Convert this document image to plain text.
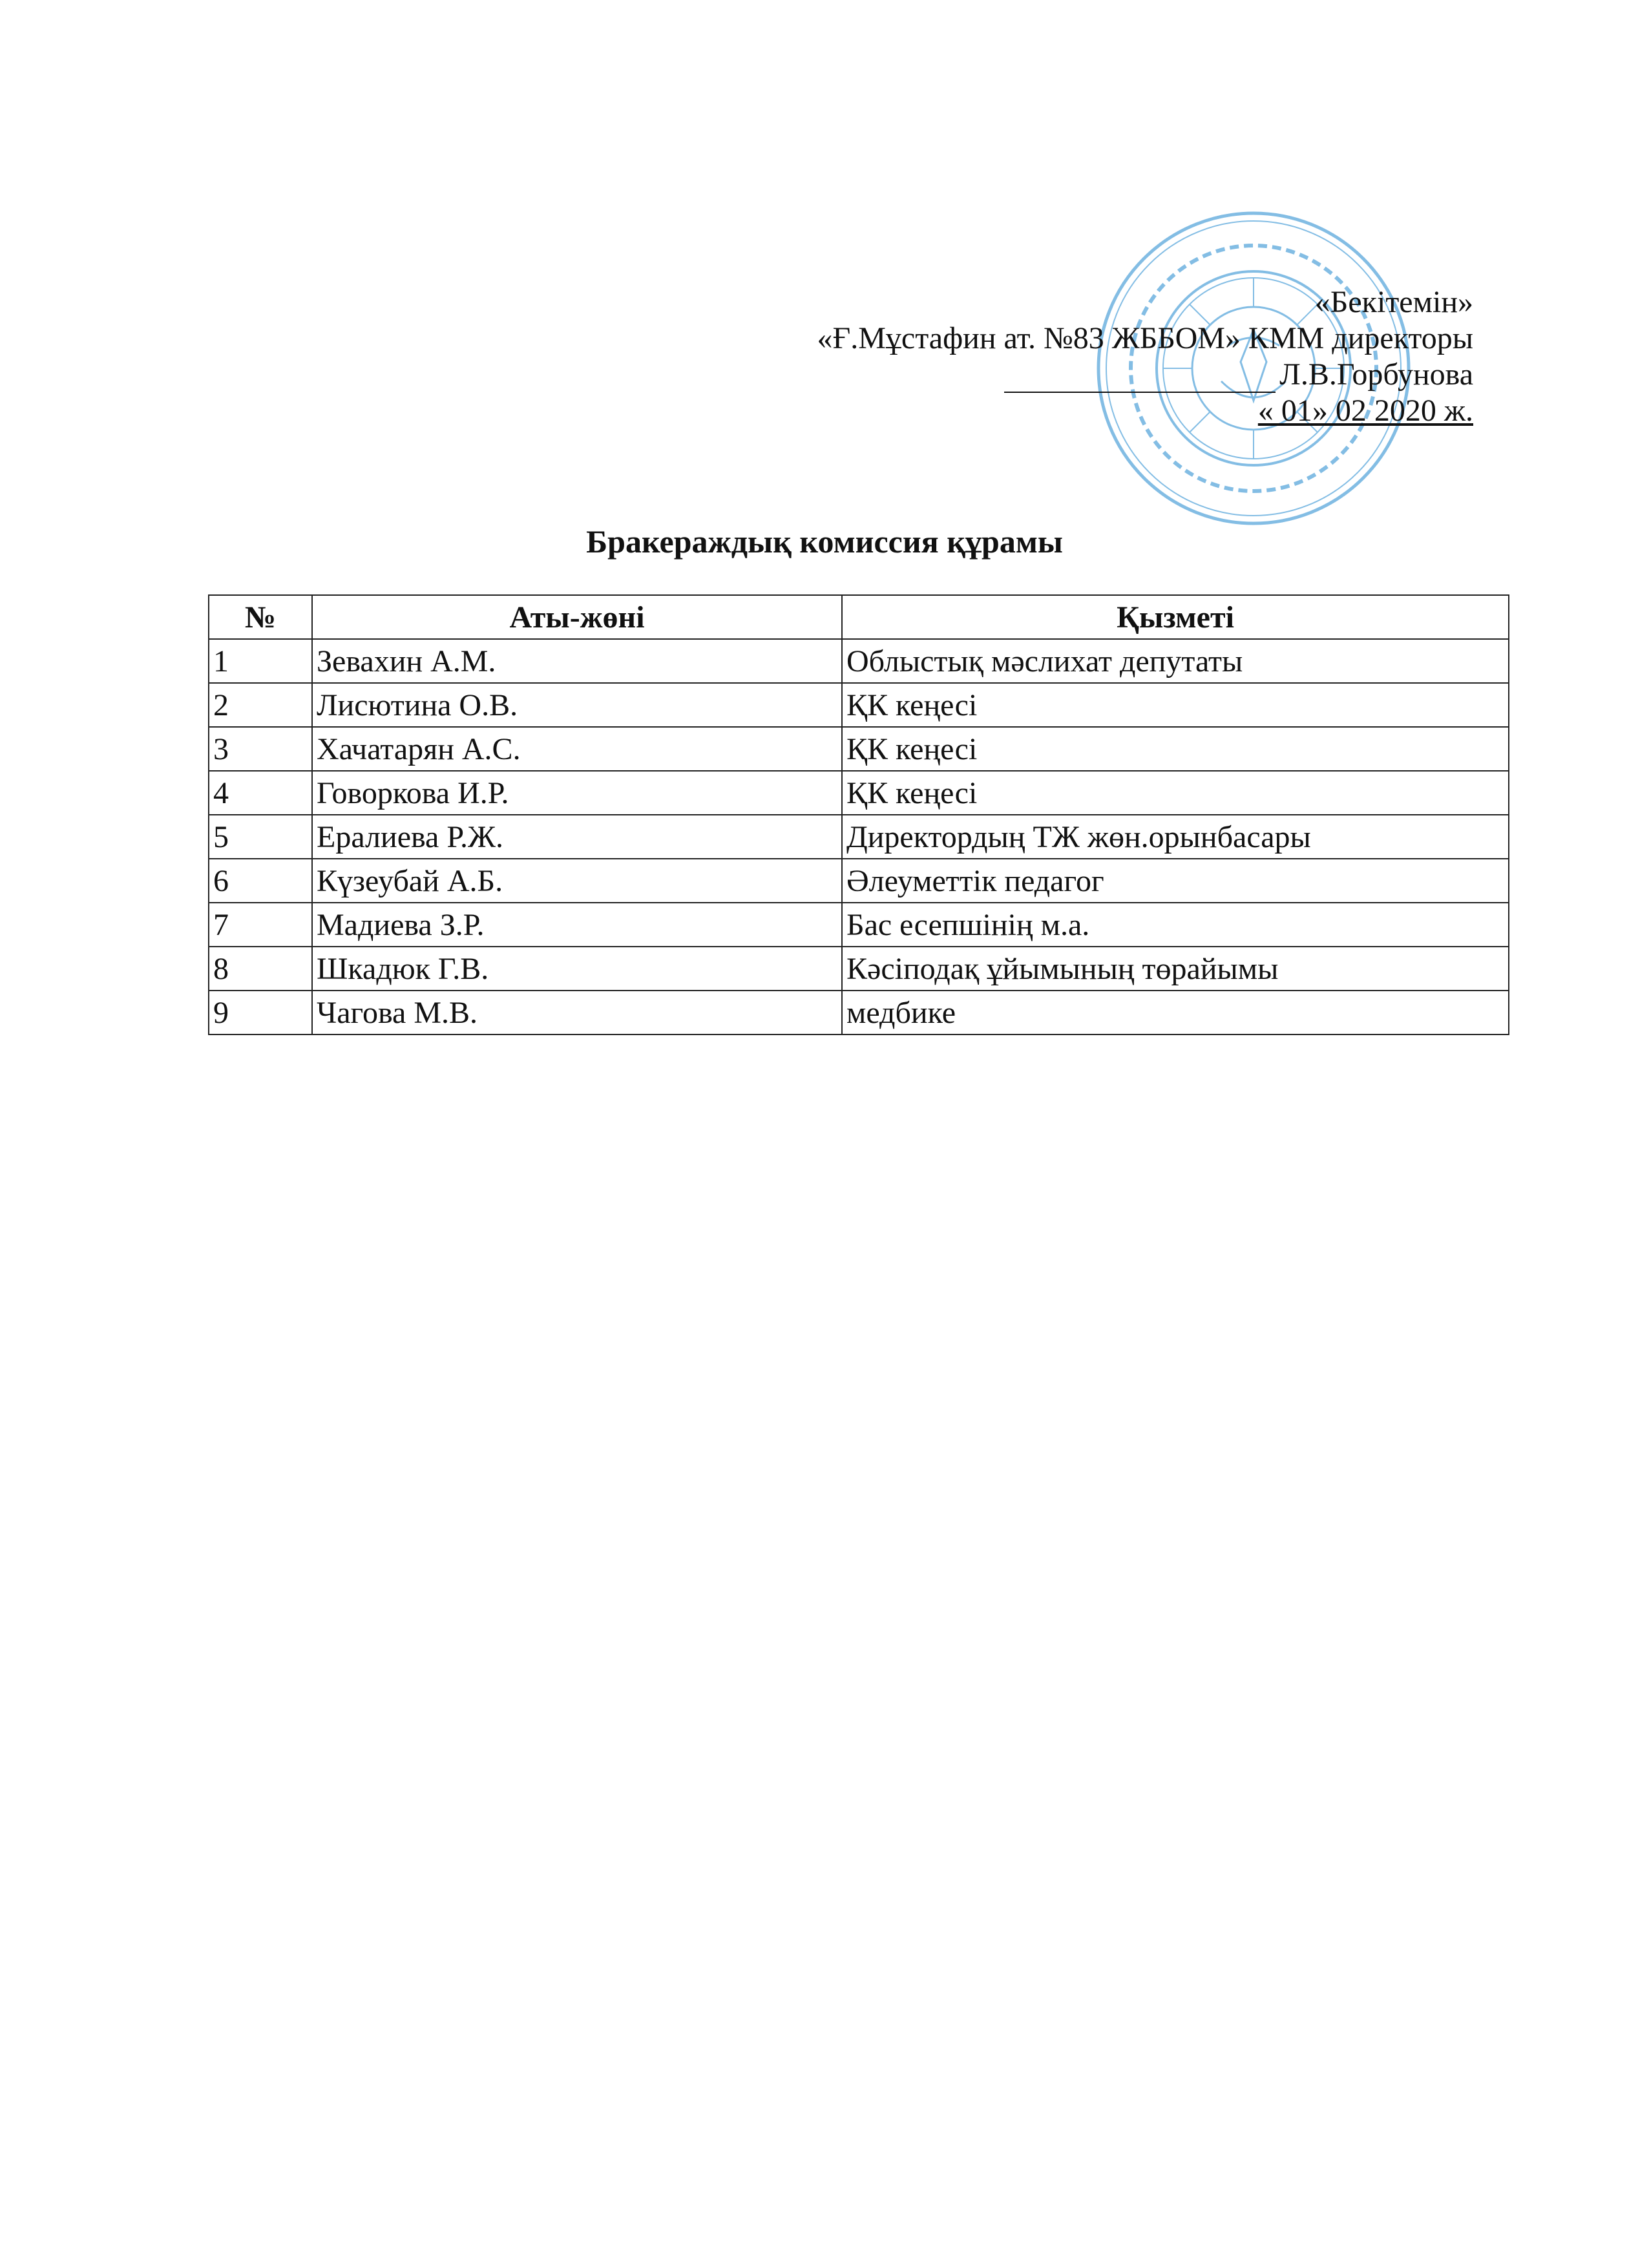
«Бекітемін»
«Ғ.Мұстафин ат. №83 ЖББОМ» КММ директоры
Л.В.Горбунова
« 01» 02 2020 ж.
Бракераждық комиссия құрамы
№	Аты-жөні	Қызметі
1	Зевахин А.М.	Облыстық мәслихат депутаты
2	Лисютина О.В.	ҚК кеңесі
3	Хачатарян А.С.	ҚК кеңесі
4	Говоркова И.Р.	ҚК кеңесі
5	Ералиева Р.Ж.	Директордың ТЖ жөн.орынбасары
6	Күзеубай А.Б.	Әлеуметтік педагог
7	Мадиева З.Р.	Бас есепшінің м.а.
8	Шкадюк Г.В.	Кәсіподақ ұйымының төрайымы
9	Чагова М.В.	медбике
